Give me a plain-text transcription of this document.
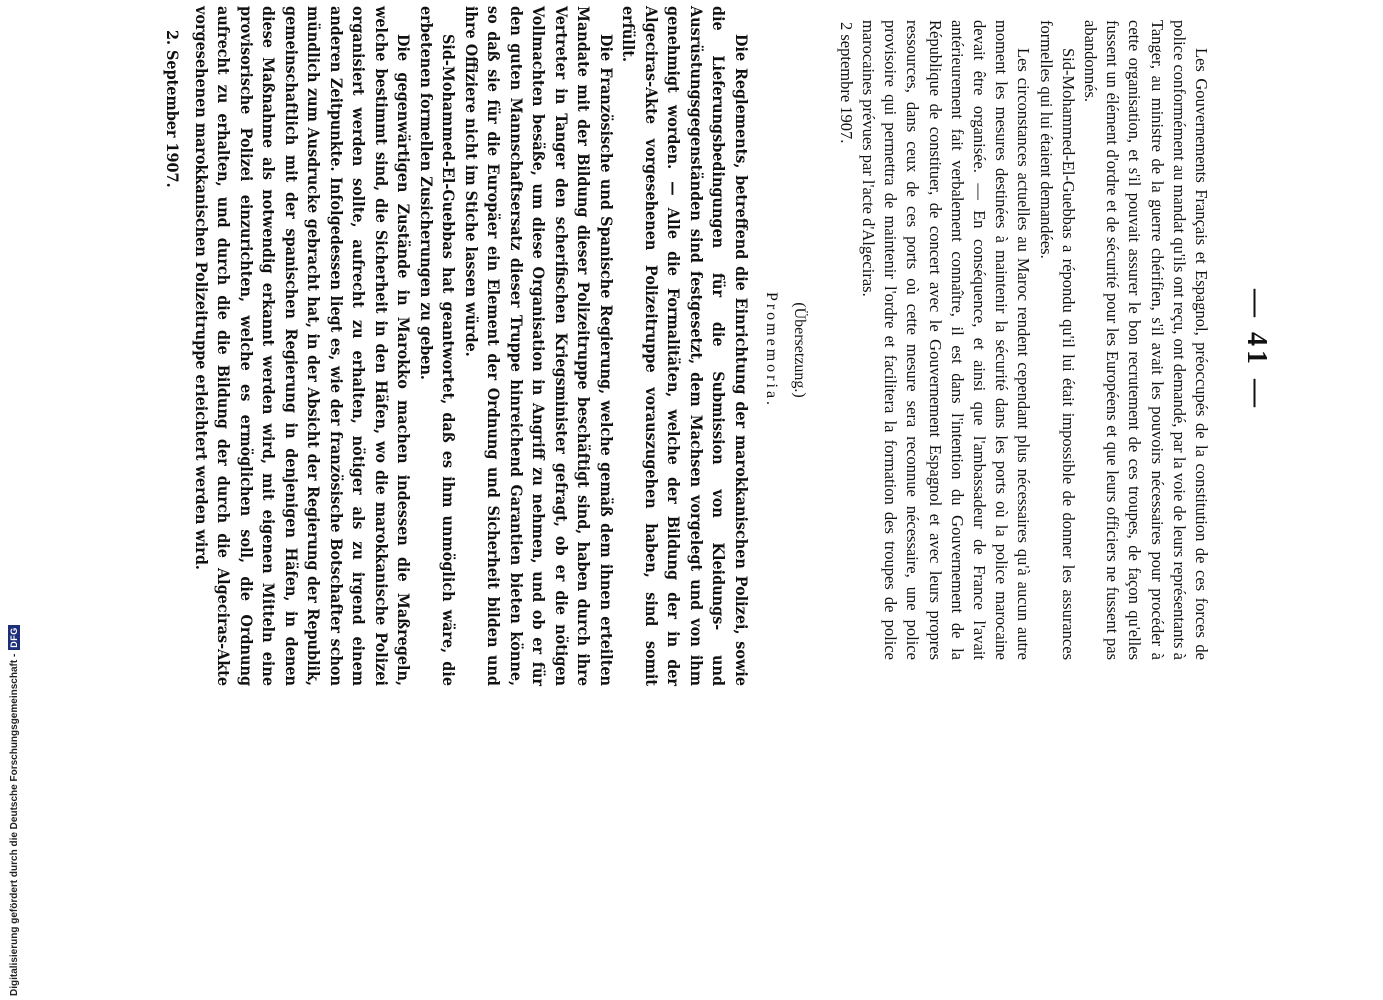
— 41 —

Les Gouvernements Français et Espagnol, préoccupés de la constitution de ces forces de police conformément au mandat qu'ils ont reçu, ont demandé, par la voie de leurs représentants à Tanger, au ministre de la guerre chérifien, s'il avait les pouvoirs nécessaires pour procéder à cette organisation, et s'il pouvait assurer le bon recrutement de ces troupes, de façon qu'elles fussent un élément d'ordre et de sécurité pour les Européens et que leurs officiers ne fussent pas abandonnés.

Sid-Mohammed-El-Guebbas a répondu qu'il lui était impossible de donner les assurances formelles qui lui étaient demandées.

Les circonstances actuelles au Maroc rendent cependant plus nécessaires qu'à aucun autre moment les mesures destinées à maintenir la sécurité dans les ports où la police marocaine devait être organisée. — En conséquence, et ainsi que l'ambassadeur de France l'avait antérieurement fait verbalement connaître, il est dans l'intention du Gouvernement de la République de constituer, de concert avec le Gouvernement Espagnol et avec leurs propres ressources, dans ceux de ces ports où cette mesure sera reconnue nécessaire, une police provisoire qui permettra de maintenir l'ordre et facilitera la formation des troupes de police marocaines prévues par l'acte d'Algeciras.

2 septembre 1907.

(Übersetzung.)
Promemoria.

Die Reglements, betreffend die Einrichtung der marokkanischen Polizei, sowie die Lieferungsbedingungen für die Submission von Kleidungs- und Ausrüstungsgegenständen sind festgesetzt, dem Machsen vorgelegt und von ihm genehmigt worden. — Alle die Formalitäten, welche der Bildung der in der Algeciras-Akte vorgesehenen Polizeitruppe vorauszugehen haben, sind somit erfüllt.

Die Französische und Spanische Regierung, welche gemäß dem ihnen erteilten Mandate mit der Bildung dieser Polizeitruppe beschäftigt sind, haben durch ihre Vertreter in Tanger den scherifischen Kriegsminister gefragt, ob er die nötigen Vollmachten besäße, um diese Organisation in Angriff zu nehmen, und ob er für den guten Mannschaftsersatz dieser Truppe hinreichend Garantien bieten könne, so daß sie für die Europäer ein Element der Ordnung und Sicherheit bilden und ihre Offiziere nicht im Stiche lassen würde.

Sid-Mohammed-El-Guebbas hat geantwortet, daß es ihm unmöglich wäre, die erbetenen formellen Zusicherungen zu geben.

Die gegenwärtigen Zustände in Marokko machen indessen die Maßregeln, welche bestimmt sind, die Sicherheit in den Häfen, wo die marokkanische Polizei organisiert werden sollte, aufrecht zu erhalten, nötiger als zu irgend einem anderen Zeitpunkte. Infolgedessen liegt es, wie der französische Botschafter schon mündlich zum Ausdrucke gebracht hat, in der Absicht der Regierung der Republik, gemeinschaftlich mit der spanischen Regierung in denjenigen Häfen, in denen diese Maßnahme als notwendig erkannt werden wird, mit eigenen Mitteln eine provisorische Polizei einzurichten, welche es ermöglichen soll, die Ordnung aufrecht zu erhalten, und durch die die Bildung der durch die Algeciras-Akte vorgesehenen marokkanischen Polizeitruppe erleichtert werden wird.

2. September 1907.

Digitalisierung gefördert durch die Deutsche Forschungsgemeinschaft -
DFG
